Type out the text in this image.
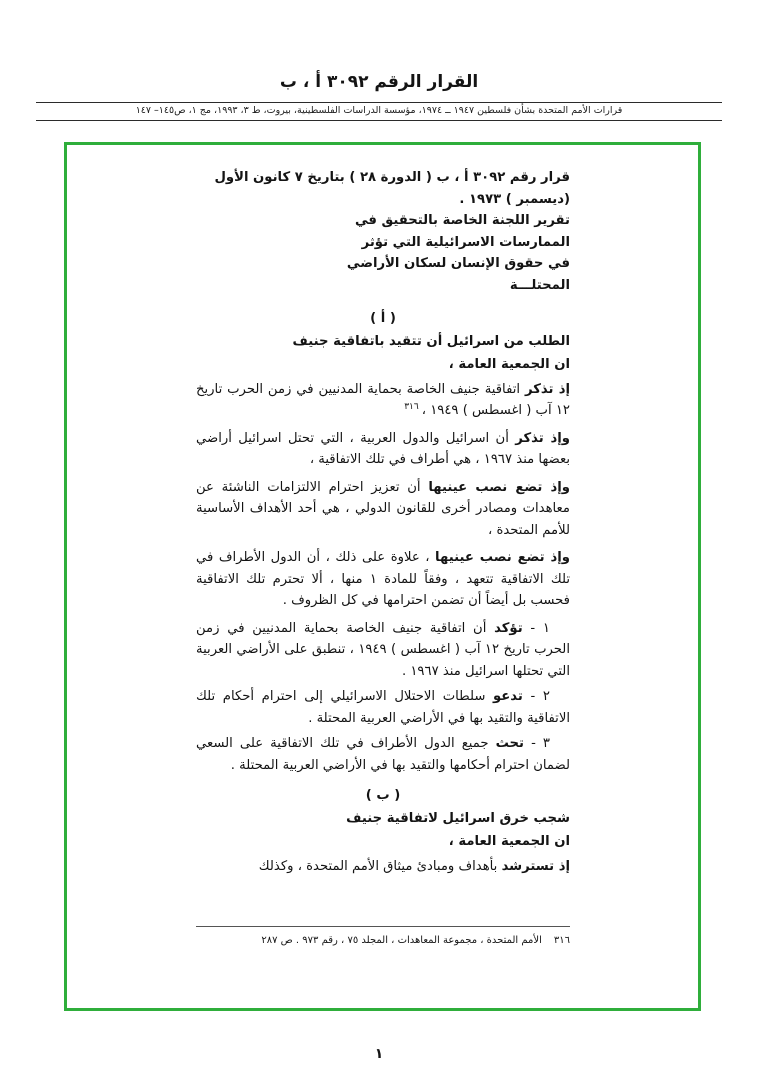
القرار الرقم ٣٠٩٢ أ ، ب
قرارات الأمم المتحدة بشأن فلسطين ١٩٤٧ ــ ١٩٧٤، مؤسسة الدراسات الفلسطينية، بيروت، ط ٣، ١٩٩٣، مج ١، ص١٤٥– ١٤٧
قرار رقم ٣٠٩٢ أ ، ب ( الدورة ٢٨ ) بتاريخ ٧ كانون الأول
(ديسمبر ) ١٩٧٣ .
تقرير اللجنة الخاصة بالتحقيق في
الممارسات الاسرائيلية التي تؤثر
في حقوق الإنسان لسكان الأراضي
المحتلـــة
( أ )
الطلب من اسرائيل أن تتقيد باتفاقية جنيف
ان الجمعية العامة ،

إذ تذكر اتفاقية جنيف الخاصة بحماية المدنيين في زمن الحرب تاريخ ١٢ آب ( اغسطس ) ١٩٤٩ ،$^{٣١٦}$

وإذ تذكر أن اسرائيل والدول العربية ، التي تحتل اسرائيل أراضي بعضها منذ ١٩٦٧ ، هي أطراف في تلك الاتفاقية ،

وإذ تضع نصب عينيها أن تعزيز احترام الالتزامات الناشئة عن معاهدات ومصادر أخرى للقانون الدولي ، هي أحد الأهداف الأساسية للأمم المتحدة ،

وإذ تضع نصب عينيها ، علاوة على ذلك ، أن الدول الأطراف في تلك الاتفاقية تتعهد ، وفقاً للمادة ١ منها ، ألا تحترم تلك الاتفاقية فحسب بل أيضاً أن تضمن احترامها في كل الظروف .

١ - تؤكد أن اتفاقية جنيف الخاصة بحماية المدنيين في زمن الحرب تاريخ ١٢ آب ( اغسطس ) ١٩٤٩ ، تنطبق على الأراضي العربية التي تحتلها اسرائيل منذ ١٩٦٧ .

٢ - تدعو سلطات الاحتلال الاسرائيلي إلى احترام أحكام تلك الاتفاقية والتقيد بها في الأراضي العربية المحتلة .

٣ - تحث جميع الدول الأطراف في تلك الاتفاقية على السعي لضمان احترام أحكامها والتقيد بها في الأراضي العربية المحتلة .

( ب )
شجب خرق اسرائيل لاتفاقية جنيف
ان الجمعية العامة ،

إذ تسترشد بأهداف ومبادئ ميثاق الأمم المتحدة ، وكذلك

٣١٦الأمم المتحدة ، مجموعة المعاهدات ، المجلد ٧٥ ، رقم ٩٧٣ . ص ٢٨٧
١
